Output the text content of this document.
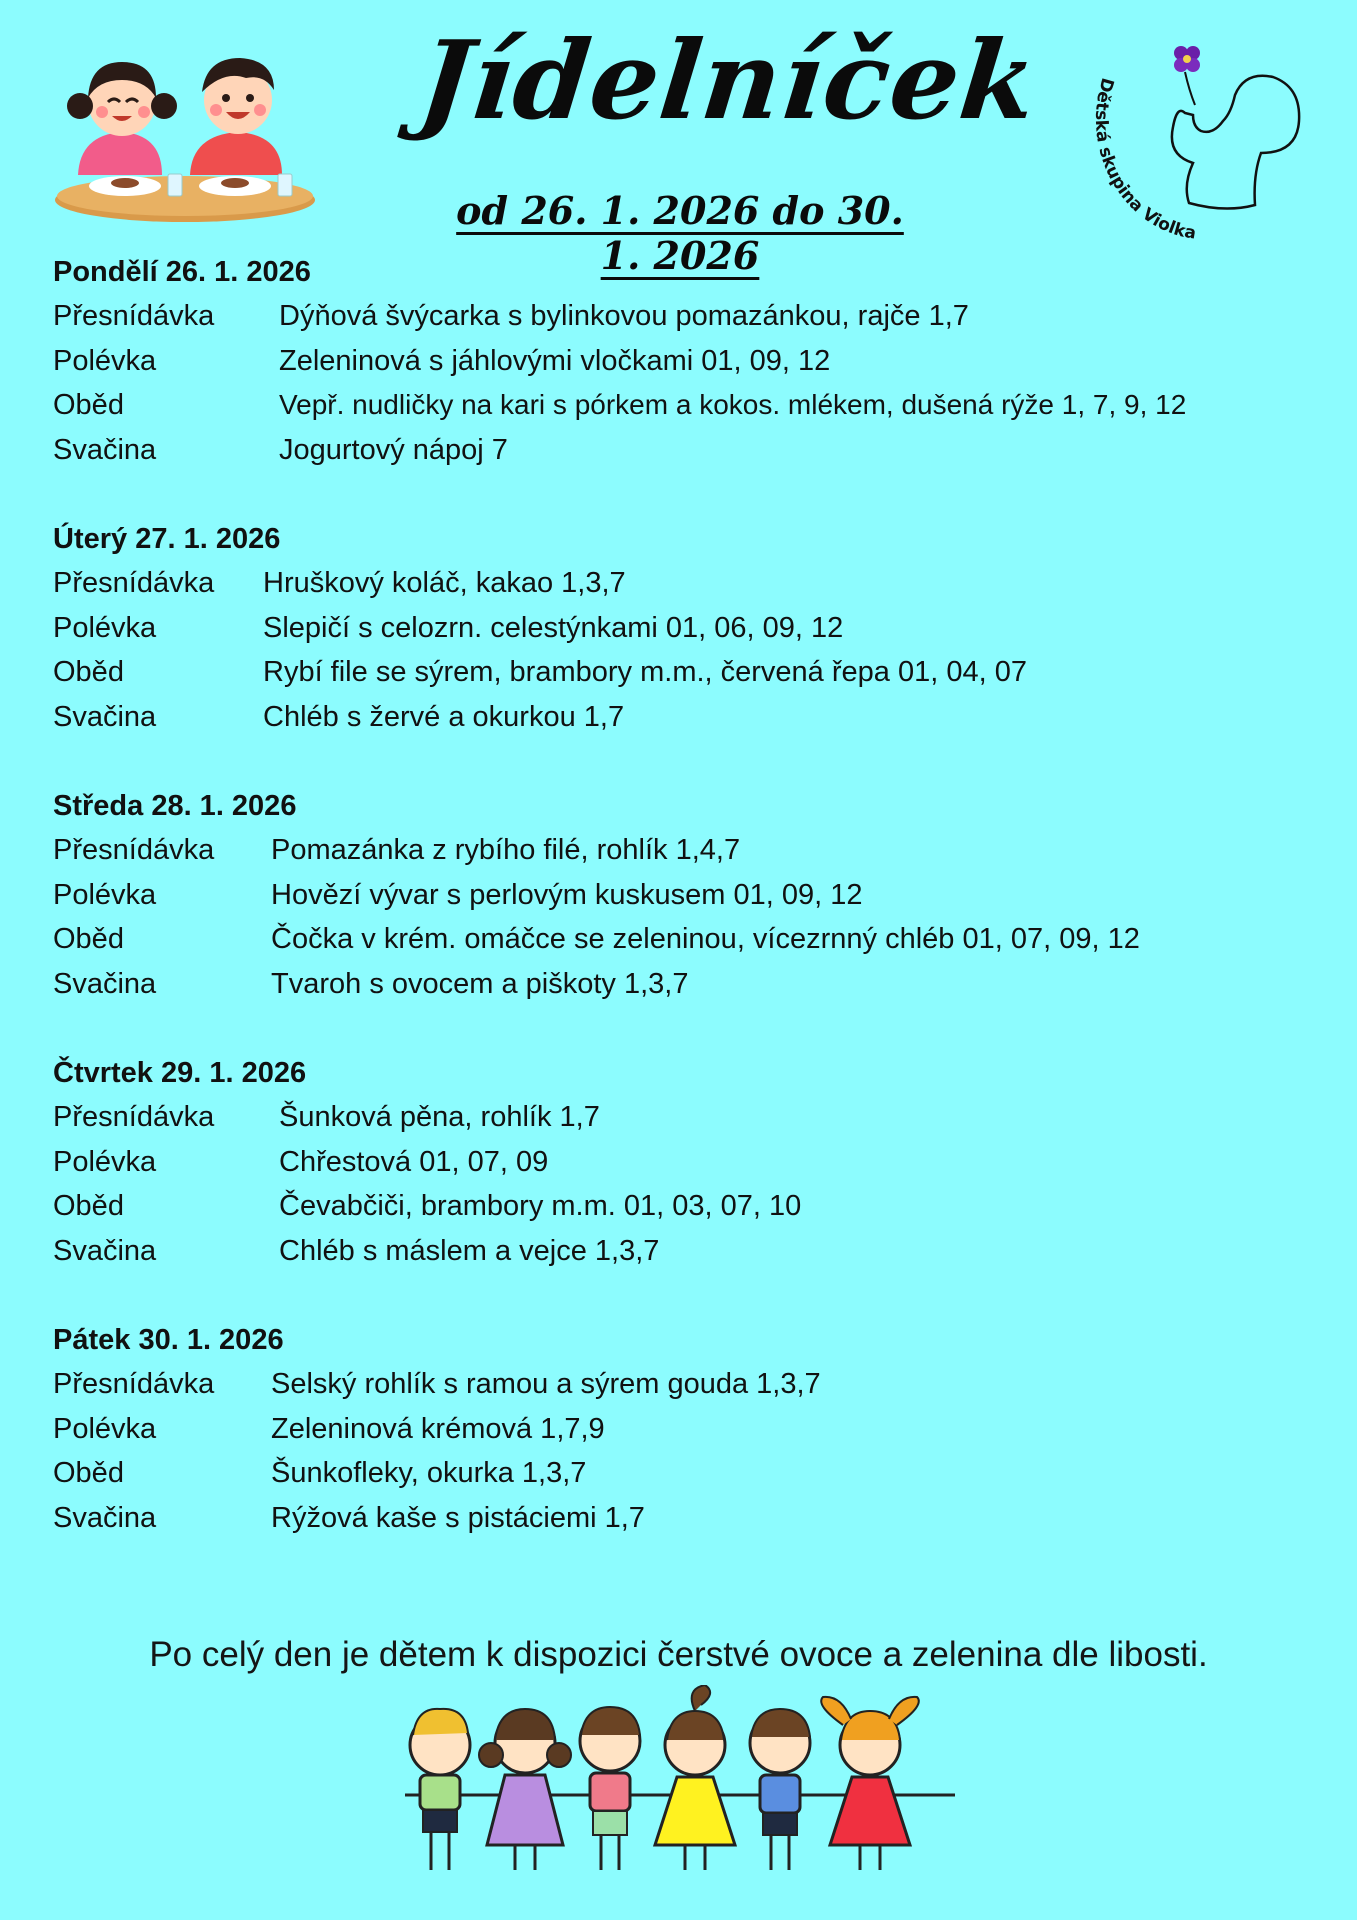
Jídelníček
od 26. 1. 2026 do 30. 1. 2026
Dětská skupina Violka
Pondělí 26. 1. 2026
Přesnídávka	Dýňová švýcarka s bylinkovou pomazánkou, rajče 1,7
Polévka	Zeleninová s jáhlovými vločkami 01, 09, 12
Oběd	Vepř. nudličky na kari s pórkem a kokos. mlékem, dušená rýže 1, 7, 9, 12
Svačina	Jogurtový nápoj 7
Úterý 27. 1. 2026
Přesnídávka	Hruškový koláč, kakao 1,3,7
Polévka	Slepičí s celozrn. celestýnkami 01, 06, 09, 12
Oběd	Rybí file se sýrem, brambory m.m., červená řepa 01, 04, 07
Svačina	Chléb s žervé a okurkou 1,7
Středa 28. 1. 2026
Přesnídávka	Pomazánka z rybího filé, rohlík 1,4,7
Polévka	Hovězí vývar s perlovým kuskusem 01, 09, 12
Oběd	Čočka v krém. omáčce se zeleninou, vícezrnný chléb 01, 07, 09, 12
Svačina	Tvaroh s ovocem a piškoty 1,3,7
Čtvrtek 29. 1. 2026
Přesnídávka	Šunková pěna, rohlík 1,7
Polévka	Chřestová 01, 07, 09
Oběd	Čevabčiči, brambory m.m. 01, 03, 07, 10
Svačina	Chléb s máslem a vejce 1,3,7
Pátek 30. 1. 2026
Přesnídávka	Selský rohlík s ramou a sýrem gouda 1,3,7
Polévka	Zeleninová krémová 1,7,9
Oběd	Šunkofleky, okurka 1,3,7
Svačina	Rýžová kaše s pistáciemi 1,7
Po celý den je dětem k dispozici čerstvé ovoce a zelenina dle libosti.
